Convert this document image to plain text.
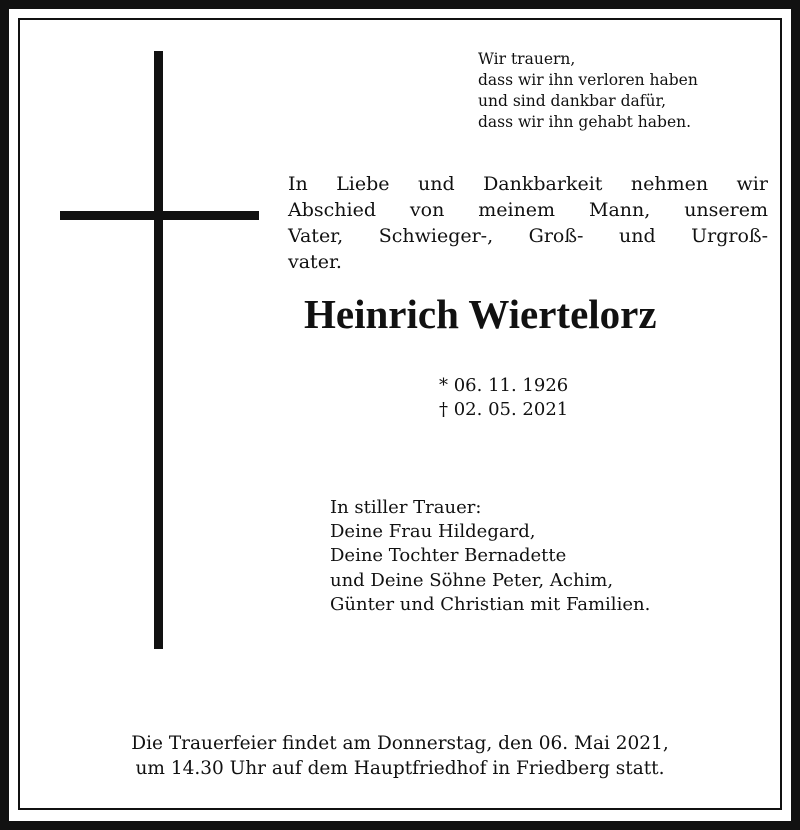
Wir trauern,
dass wir ihn verloren haben
und sind dankbar dafür,
dass wir ihn gehabt haben.
In Liebe und Dankbarkeit nehmen wir
Abschied von meinem Mann, unserem
Vater, Schwieger-, Groß- und Urgroß-
vater.
Heinrich Wiertelorz
* 06. 11. 1926
† 02. 05. 2021
In stiller Trauer:
Deine Frau Hildegard,
Deine Tochter Bernadette
und Deine Söhne Peter, Achim,
Günter und Christian mit Familien.
Die Trauerfeier findet am Donnerstag, den 06. Mai 2021,
um 14.30 Uhr auf dem Hauptfriedhof in Friedberg statt.
